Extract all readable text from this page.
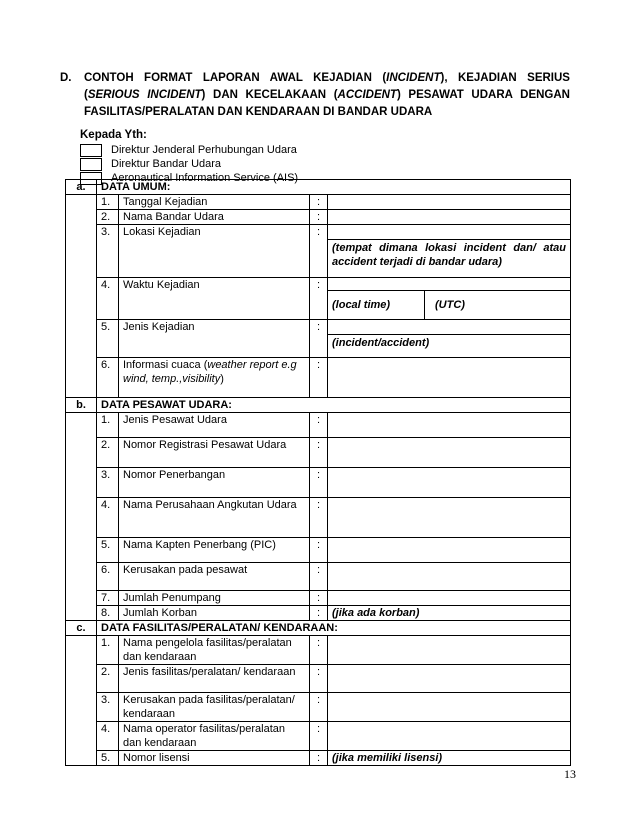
D. CONTOH FORMAT LAPORAN AWAL KEJADIAN (INCIDENT), KEJADIAN SERIUS (SERIOUS INCIDENT) DAN KECELAKAAN (ACCIDENT) PESAWAT UDARA DENGAN FASILITAS/PERALATAN DAN KENDARAAN DI BANDAR UDARA
Kepada Yth:
Direktur Jenderal Perhubungan Udara
Direktur Bandar Udara
Aeronautical Information Service (AIS)
a.	DATA UMUM:			
	1.	Tanggal Kejadian	:	
	2.	Nama Bandar Udara	:	
	3.	Lokasi Kejadian	:	(tempat dimana lokasi incident dan/ atau accident terjadi di bandar udara)

	4.	Waktu Kejadian	:	(local time) (UTC)

	5.	Jenis Kejadian	:	(incident/accident)

	6.	Informasi cuaca (weather report e.g wind, temp.,visibility)	:	
b.	DATA PESAWAT UDARA:			
	1.	Jenis Pesawat Udara	:	
	2.	Nomor Registrasi Pesawat Udara	:	
	3.	Nomor Penerbangan	:	
	4.	Nama Perusahaan Angkutan Udara	:	
	5.	Nama Kapten Penerbang (PIC)	:	
	6.	Kerusakan pada pesawat	:	
	7.	Jumlah Penumpang	:	
	8.	Jumlah Korban	:	(jika ada korban)
c.	DATA FASILITAS/PERALATAN/ KENDARAAN:			
	1.	Nama pengelola fasilitas/peralatan dan kendaraan	:	
	2.	Jenis fasilitas/peralatan/ kendaraan	:	
	3.	Kerusakan pada fasilitas/peralatan/ kendaraan	:	
	4.	Nama operator fasilitas/peralatan dan kendaraan	:	
	5.	Nomor lisensi	:	(jika memiliki lisensi)
13
